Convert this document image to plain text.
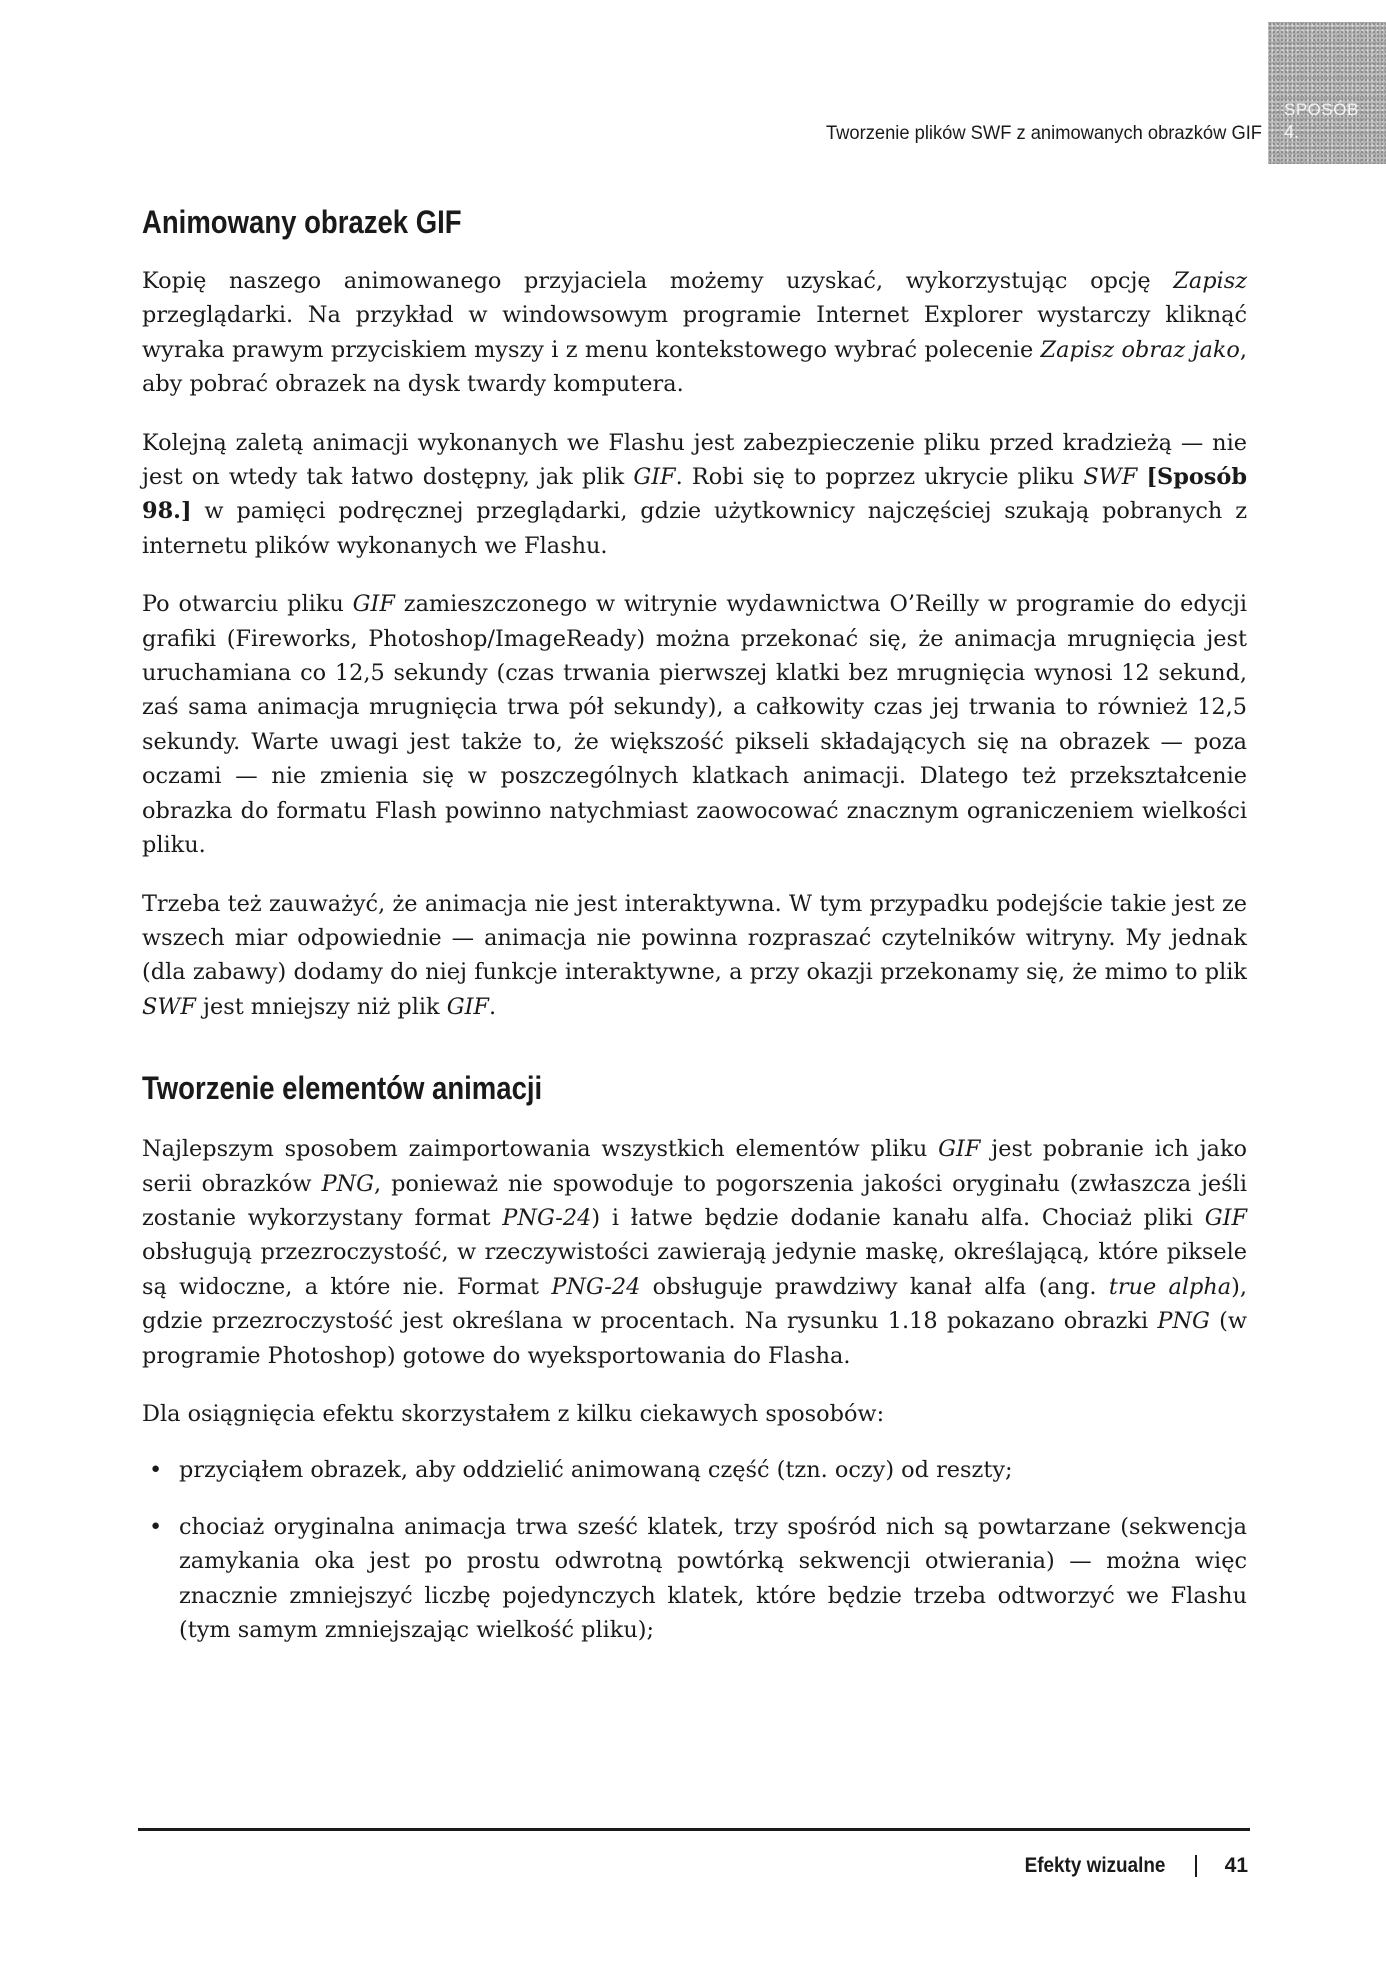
SPOSÓB
4.
Tworzenie plików SWF z animowanych obrazków GIF
Animowany obrazek GIF

Kopię naszego animowanego przyjaciela możemy uzyskać, wykorzystując opcję Zapisz przeglądarki. Na przykład w windowsowym programie Internet Explorer wystarczy kliknąć wyraka prawym przyciskiem myszy i z menu kontekstowego wybrać polecenie Zapisz obraz jako, aby pobrać obrazek na dysk twardy komputera.

Kolejną zaletą animacji wykonanych we Flashu jest zabezpieczenie pliku przed kradzieżą — nie jest on wtedy tak łatwo dostępny, jak plik GIF. Robi się to poprzez ukrycie pliku SWF [Sposób 98.] w pamięci podręcznej przeglądarki, gdzie użytkownicy najczęściej szukają pobranych z internetu plików wykonanych we Flashu.

Po otwarciu pliku GIF zamieszczonego w witrynie wydawnictwa O’Reilly w programie do edycji grafiki (Fireworks, Photoshop/ImageReady) można przekonać się, że animacja mrugnięcia jest uruchamiana co 12,5 sekundy (czas trwania pierwszej klatki bez mrugnięcia wynosi 12 sekund, zaś sama animacja mrugnięcia trwa pół sekundy), a całkowity czas jej trwania to również 12,5 sekundy. Warte uwagi jest także to, że większość pikseli składających się na obrazek — poza oczami — nie zmienia się w poszczególnych klatkach animacji. Dlatego też przekształcenie obrazka do formatu Flash powinno natychmiast zaowocować znacznym ograniczeniem wielkości pliku.

Trzeba też zauważyć, że animacja nie jest interaktywna. W tym przypadku podejście takie jest ze wszech miar odpowiednie — animacja nie powinna rozpraszać czytelników witryny. My jednak (dla zabawy) dodamy do niej funkcje interaktywne, a przy okazji przekonamy się, że mimo to plik SWF jest mniejszy niż plik GIF.

Tworzenie elementów animacji

Najlepszym sposobem zaimportowania wszystkich elementów pliku GIF jest pobranie ich jako serii obrazków PNG, ponieważ nie spowoduje to pogorszenia jakości oryginału (zwłaszcza jeśli zostanie wykorzystany format PNG-24) i łatwe będzie dodanie kanału alfa. Chociaż pliki GIF obsługują przezroczystość, w rzeczywistości zawierają jedynie maskę, określającą, które piksele są widoczne, a które nie. Format PNG-24 obsługuje prawdziwy kanał alfa (ang. true alpha), gdzie przezroczystość jest określana w procentach. Na rysunku 1.18 pokazano obrazki PNG (w programie Photoshop) gotowe do wyeksportowania do Flasha.

Dla osiągnięcia efektu skorzystałem z kilku ciekawych sposobów:

• przyciąłem obrazek, aby oddzielić animowaną część (tzn. oczy) od reszty;
• chociaż oryginalna animacja trwa sześć klatek, trzy spośród nich są powtarzane (sekwencja zamykania oka jest po prostu odwrotną powtórką sekwencji otwierania) — można więc znacznie zmniejszyć liczbę pojedynczych klatek, które będzie trzeba odtworzyć we Flashu (tym samym zmniejszając wielkość pliku);
Efekty wizualne	41
